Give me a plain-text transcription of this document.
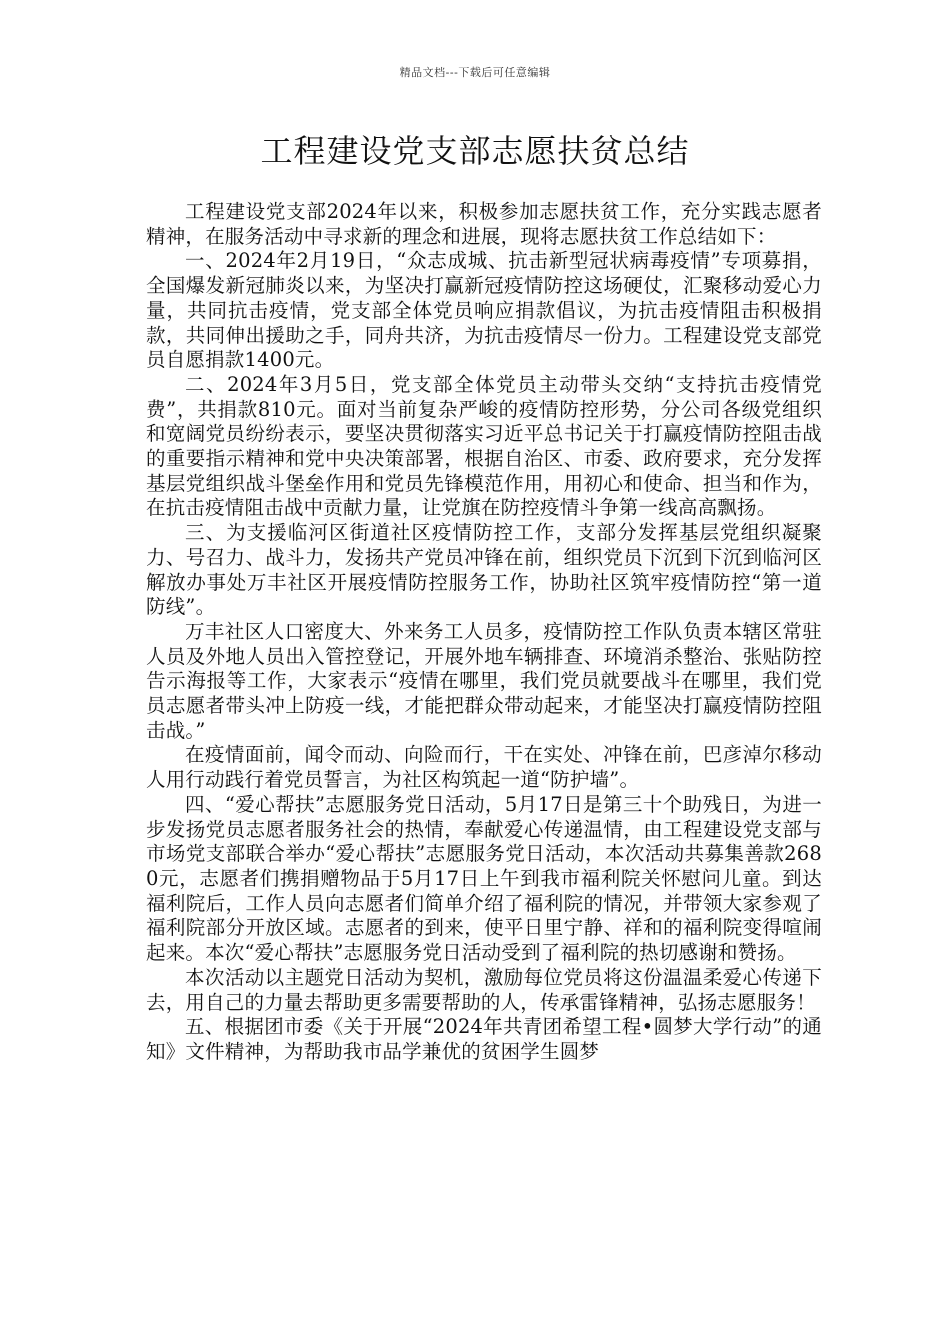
精品文档---下载后可任意编辑
工程建设党支部志愿扶贫总结

工程建设党支部2024年以来，积极参加志愿扶贫工作，充分实践志愿者精神，在服务活动中寻求新的理念和进展，现将志愿扶贫工作总结如下：

一、2024年2月19日，“众志成城、抗击新型冠状病毒疫情”专项募捐，全国爆发新冠肺炎以来，为坚决打赢新冠疫情防控这场硬仗，汇聚移动爱心力量，共同抗击疫情，党支部全体党员响应捐款倡议，为抗击疫情阻击积极捐款，共同伸出援助之手，同舟共济，为抗击疫情尽一份力。工程建设党支部党员自愿捐款1400元。

二、2024年3月5日，党支部全体党员主动带头交纳“支持抗击疫情党费”，共捐款810元。面对当前复杂严峻的疫情防控形势，分公司各级党组织和宽阔党员纷纷表示，要坚决贯彻落实习近平总书记关于打赢疫情防控阻击战的重要指示精神和党中央决策部署，根据自治区、市委、政府要求，充分发挥基层党组织战斗堡垒作用和党员先锋模范作用，用初心和使命、担当和作为，在抗击疫情阻击战中贡献力量，让党旗在防控疫情斗争第一线高高飘扬。

三、为支援临河区街道社区疫情防控工作，支部分发挥基层党组织凝聚力、号召力、战斗力，发扬共产党员冲锋在前，组织党员下沉到下沉到临河区解放办事处万丰社区开展疫情防控服务工作，协助社区筑牢疫情防控“第一道防线”。

万丰社区人口密度大、外来务工人员多，疫情防控工作队负责本辖区常驻人员及外地人员出入管控登记，开展外地车辆排查、环境消杀整治、张贴防控告示海报等工作，大家表示“疫情在哪里，我们党员就要战斗在哪里，我们党员志愿者带头冲上防疫一线，才能把群众带动起来，才能坚决打赢疫情防控阻击战。”

在疫情面前，闻令而动、向险而行，干在实处、冲锋在前，巴彦淖尔移动人用行动践行着党员誓言，为社区构筑起一道“防护墙”。

四、“爱心帮扶”志愿服务党日活动，5月17日是第三十个助残日，为进一步发扬党员志愿者服务社会的热情，奉献爱心传递温情，由工程建设党支部与市场党支部联合举办“爱心帮扶”志愿服务党日活动，本次活动共募集善款2680元，志愿者们携捐赠物品于5月17日上午到我市福利院关怀慰问儿童。到达福利院后，工作人员向志愿者们简单介绍了福利院的情况，并带领大家参观了福利院部分开放区域。志愿者的到来，使平日里宁静、祥和的福利院变得喧闹起来。本次“爱心帮扶”志愿服务党日活动受到了福利院的热切感谢和赞扬。

本次活动以主题党日活动为契机，激励每位党员将这份温温柔爱心传递下去，用自己的力量去帮助更多需要帮助的人，传承雷锋精神，弘扬志愿服务！

五、根据团市委《关于开展“2024年共青团希望工程•圆梦大学行动”的通知》文件精神，为帮助我市品学兼优的贫困学生圆梦
